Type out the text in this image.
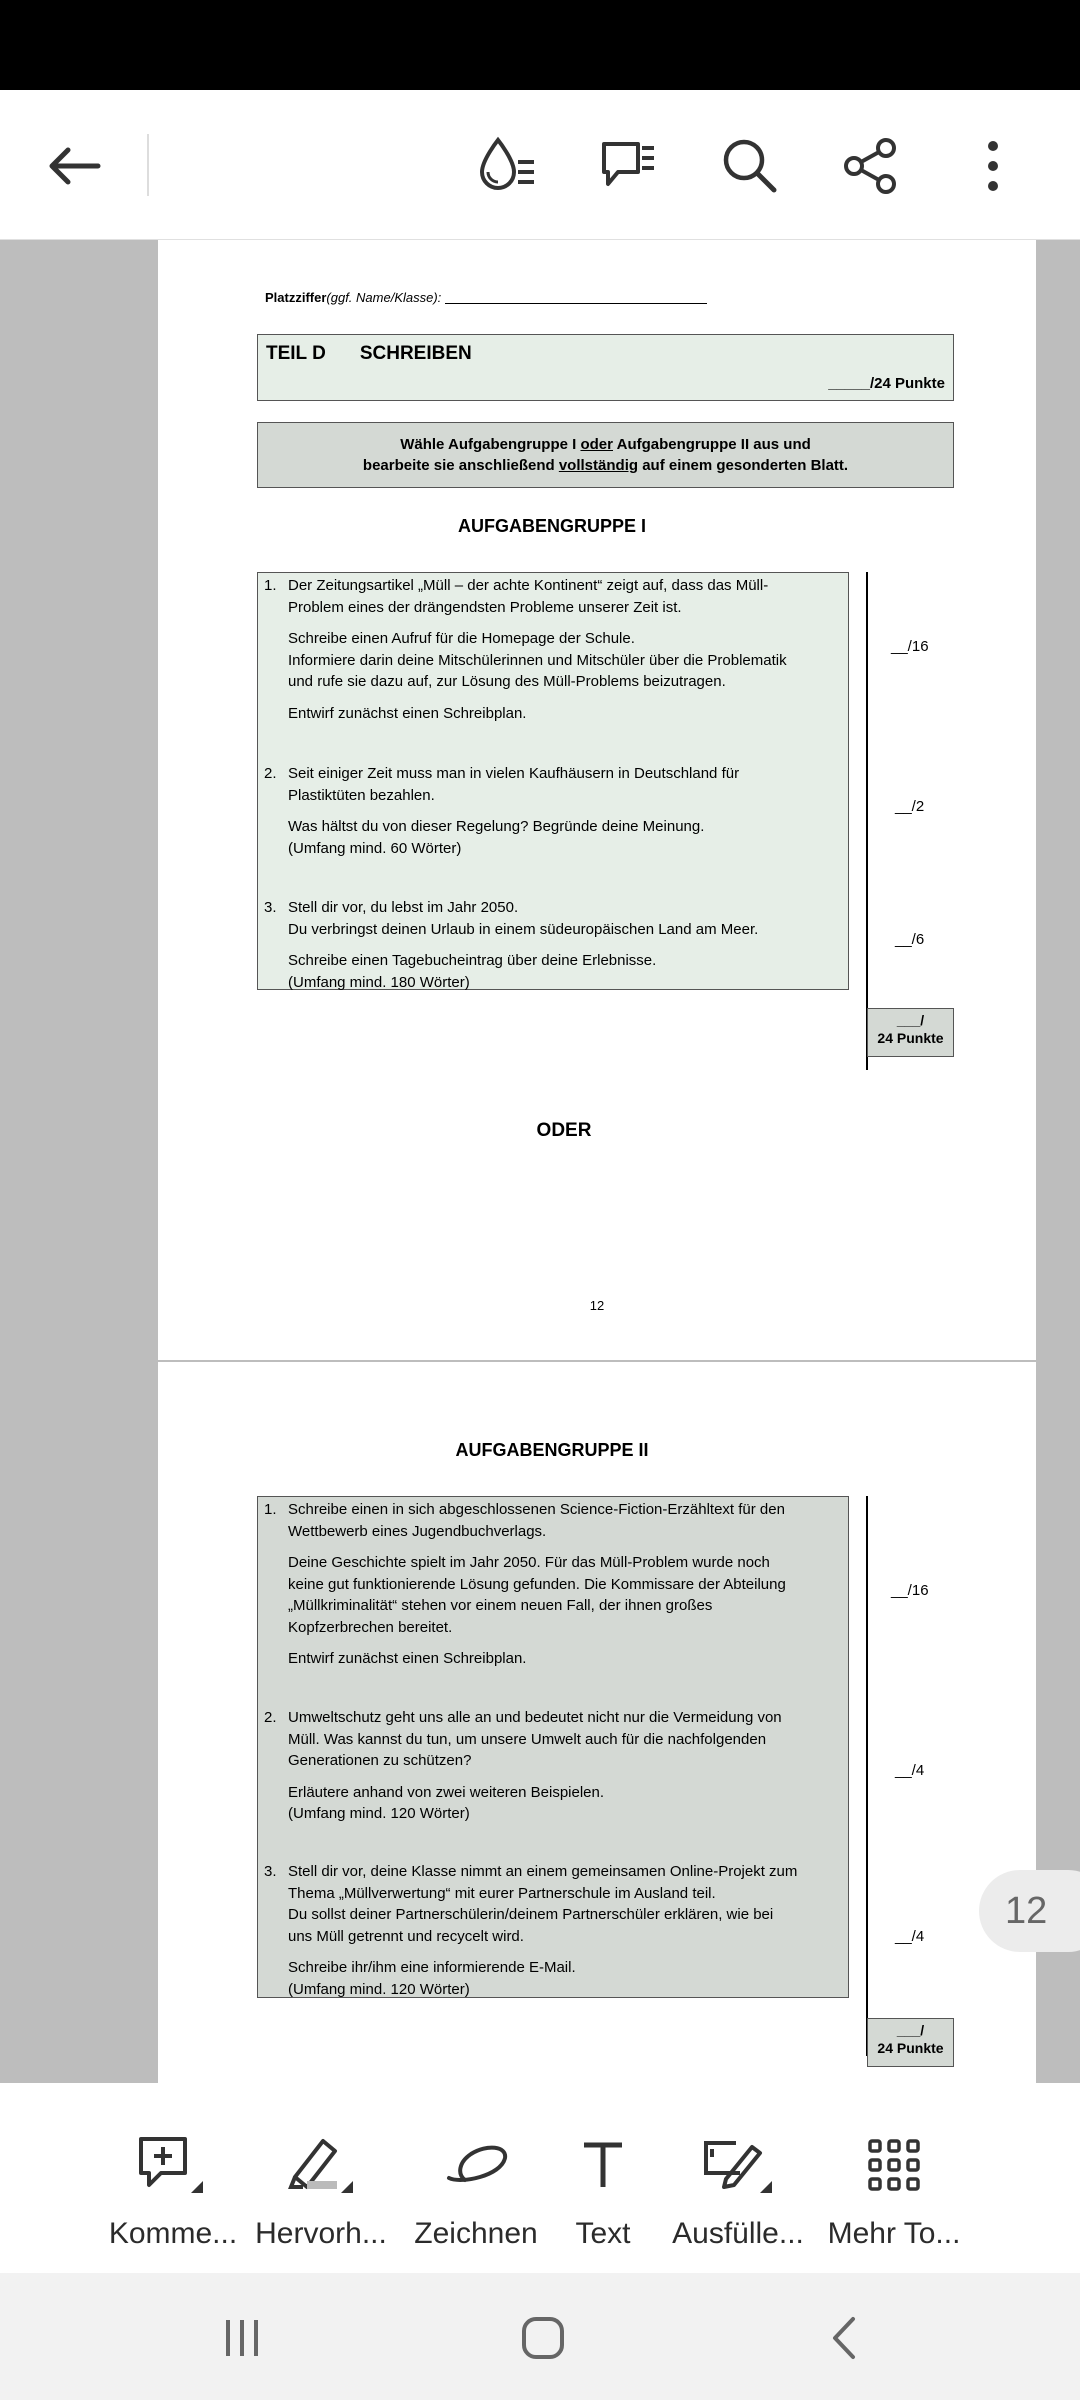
Platzziffer(ggf. Name/Klasse):
TEIL D SCHREIBEN
_____/24 Punkte
Wähle Aufgabengruppe I oder Aufgabengruppe II aus und
bearbeite sie anschließend vollständig auf einem gesonderten Blatt.
AUFGABENGRUPPE I
1. Der Zeitungsartikel „Müll – der achte Kontinent“ zeigt auf, dass das Müll-

Problem eines der drängendsten Probleme unserer Zeit ist.

Schreibe einen Aufruf für die Homepage der Schule.

Informiere darin deine Mitschülerinnen und Mitschüler über die Problematik

und rufe sie dazu auf, zur Lösung des Müll-Problems beizutragen.

Entwirf zunächst einen Schreibplan.

2. Seit einiger Zeit muss man in vielen Kaufhäusern in Deutschland für

Plastiktüten bezahlen.

Was hältst du von dieser Regelung? Begründe deine Meinung.

(Umfang mind. 60 Wörter)

3. Stell dir vor, du lebst im Jahr 2050.

Du verbringst deinen Urlaub in einem südeuropäischen Land am Meer.

Schreibe einen Tagebucheintrag über deine Erlebnisse.

(Umfang mind. 180 Wörter)

__/16
__/2
__/6
___/
24 Punkte
ODER
12
AUFGABENGRUPPE II
1. Schreibe einen in sich abgeschlossenen Science-Fiction-Erzähltext für den

Wettbewerb eines Jugendbuchverlags.

Deine Geschichte spielt im Jahr 2050. Für das Müll-Problem wurde noch

keine gut funktionierende Lösung gefunden. Die Kommissare der Abteilung

„Müllkriminalität“ stehen vor einem neuen Fall, der ihnen großes

Kopfzerbrechen bereitet.

Entwirf zunächst einen Schreibplan.

2. Umweltschutz geht uns alle an und bedeutet nicht nur die Vermeidung von

Müll. Was kannst du tun, um unsere Umwelt auch für die nachfolgenden

Generationen zu schützen?

Erläutere anhand von zwei weiteren Beispielen.

(Umfang mind. 120 Wörter)

3. Stell dir vor, deine Klasse nimmt an einem gemeinsamen Online-Projekt zum

Thema „Müllverwertung“ mit eurer Partnerschule im Ausland teil.

Du sollst deiner Partnerschülerin/deinem Partnerschüler erklären, wie bei

uns Müll getrennt und recycelt wird.

Schreibe ihr/ihm eine informierende E-Mail.

(Umfang mind. 120 Wörter)

__/16
__/4
__/4
___/
24 Punkte
12
Komme... Hervorh... Zeichnen Text Ausfülle... Mehr To...
